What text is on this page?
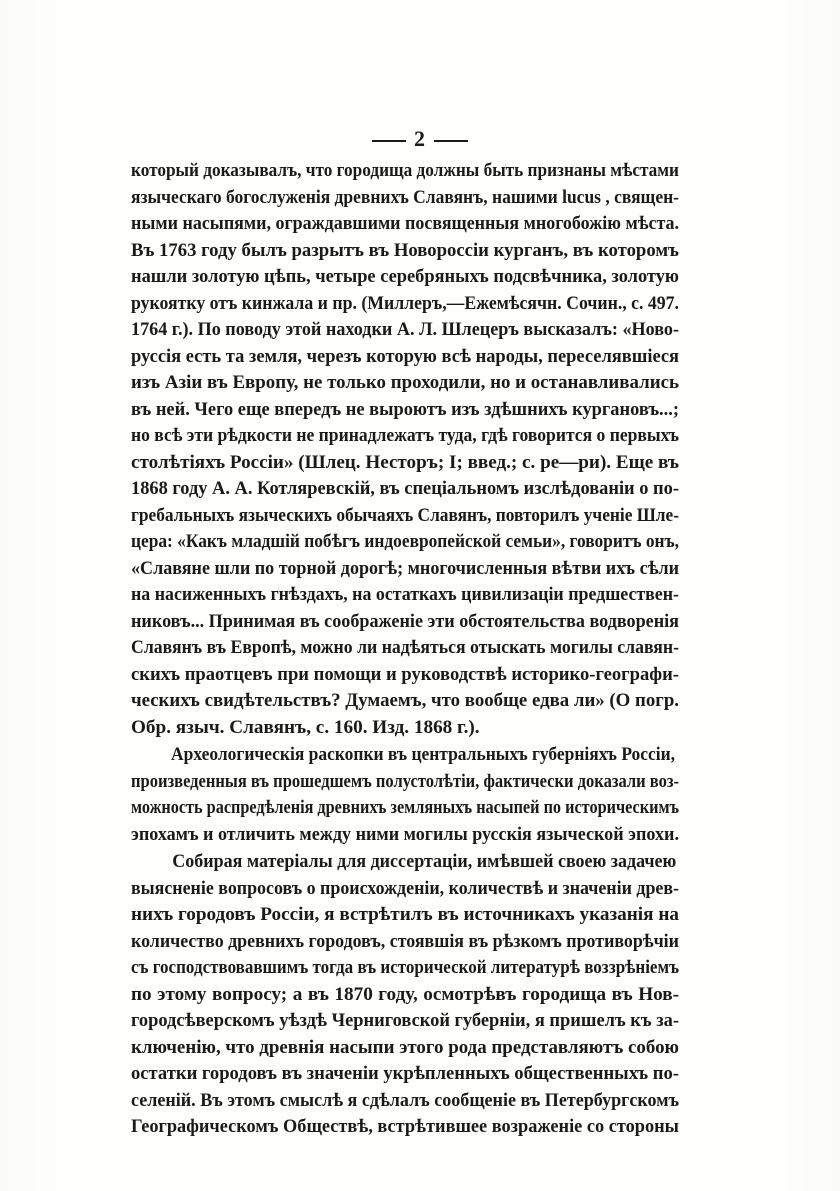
2
который доказывалъ, что городища должны быть признаны мѣстами
языческаго богослуженія древнихъ Славянъ, нашими lucus , священ-
ными насыпями, ограждавшими посвященныя многобожію мѣста.
Въ 1763 году былъ разрытъ въ Новороссіи курганъ, въ которомъ
нашли золотую цѣпь, четыре серебряныхъ подсвѣчника, золотую
рукоятку отъ кинжала и пр. (Миллеръ,—Ежемѣсячн. Сочин., с. 497.
1764 г.). По поводу этой находки А. Л. Шлецеръ высказалъ: «Ново-
руссія есть та земля, черезъ которую всѣ народы, переселявшіеся
изъ Азіи въ Европу, не только проходили, но и останавливались
въ ней. Чего еще впередъ не выроютъ изъ здѣшнихъ кургановъ...;
но всѣ эти рѣдкости не принадлежатъ туда, гдѣ говорится о первыхъ
столѣтіяхъ Россіи» (Шлец. Несторъ; I; введ.; с. ре—ри). Еще въ
1868 году А. А. Котляревскій, въ спеціальномъ изслѣдованіи о по-
гребальныхъ языческихъ обычаяхъ Славянъ, повторилъ ученіе Шле-
цера: «Какъ младшій побѣгъ индоевропейской семьи», говоритъ онъ,
«Славяне шли по торной дорогѣ; многочисленныя вѣтви ихъ сѣли
на насиженныхъ гнѣздахъ, на остаткахъ цивилизаціи предшествен-
никовъ... Принимая въ соображеніе эти обстоятельства водворенія
Славянъ въ Европѣ, можно ли надѣяться отыскать могилы славян-
скихъ праотцевъ при помощи и руководствѣ историко-географи-
ческихъ свидѣтельствъ? Думаемъ, что вообще едва ли» (О погр.
Обр. языч. Славянъ, с. 160. Изд. 1868 г.).
Археологическія раскопки въ центральныхъ губерніяхъ Россіи,
произведенныя въ прошедшемъ полустолѣтіи, фактически доказали воз-
можность распредѣленія древнихъ земляныхъ насыпей по историческимъ
эпохамъ и отличить между ними могилы русскія языческой эпохи.
Собирая матеріалы для диссертаціи, имѣвшей своею задачею
выясненіе вопросовъ о происхожденіи, количествѣ и значеніи древ-
нихъ городовъ Россіи, я встрѣтилъ въ источникахъ указанія на
количество древнихъ городовъ, стоявшія въ рѣзкомъ противорѣчіи
съ господствовавшимъ тогда въ исторической литературѣ воззрѣніемъ
по этому вопросу; а въ 1870 году, осмотрѣвъ городища въ Нов-
городсѣверскомъ уѣздѣ Черниговской губерніи, я пришелъ къ за-
ключенію, что древнія насыпи этого рода представляютъ собою
остатки городовъ въ значеніи укрѣпленныхъ общественныхъ по-
селеній. Въ этомъ смыслѣ я сдѣлалъ сообщеніе въ Петербургскомъ
Географическомъ Обществѣ, встрѣтившее возраженіе со стороны
